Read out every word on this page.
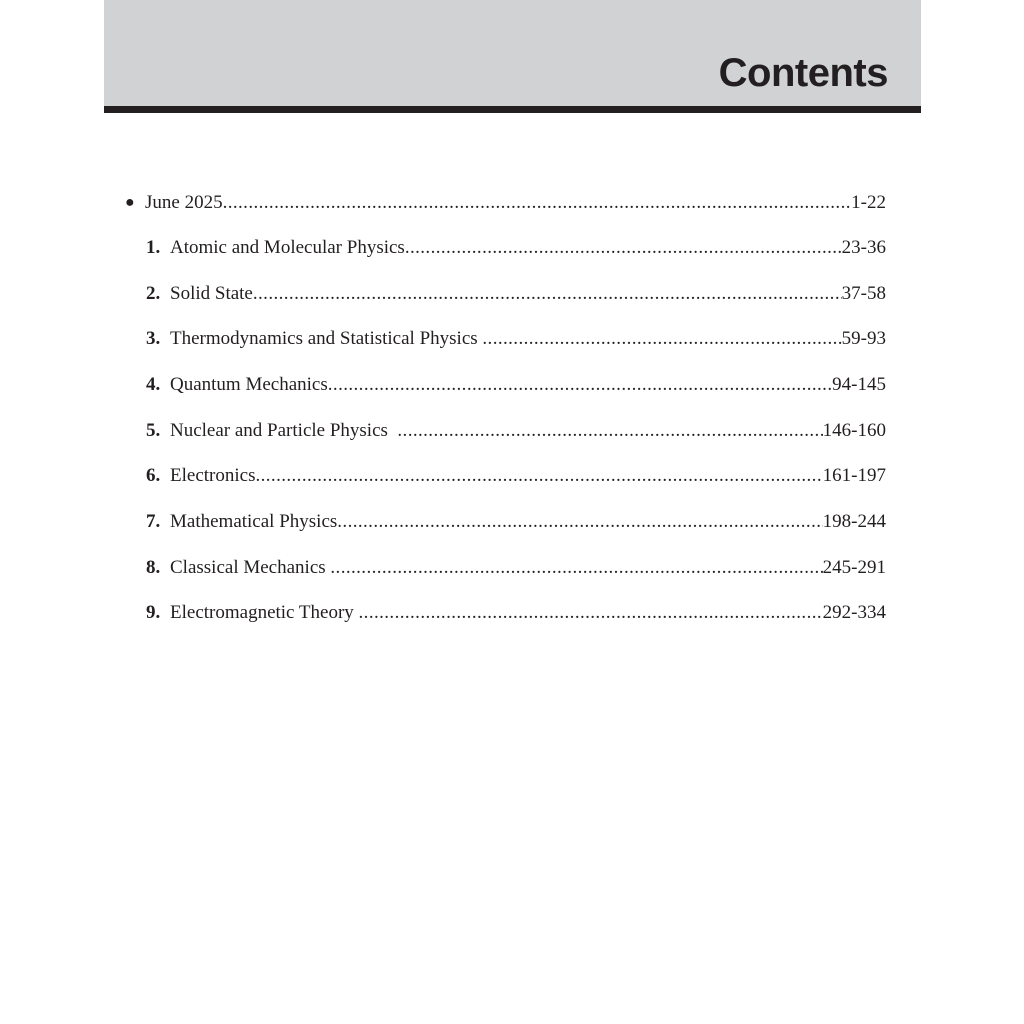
Contents
● June 2025 .....	1-22
1. Atomic and Molecular Physics .....	23-36
2. Solid State .....	37-58
3. Thermodynamics and Statistical Physics .....	59-93
4. Quantum Mechanics .....	94-145
5. Nuclear and Particle Physics .....	146-160
6. Electronics .....	161-197
7. Mathematical Physics .....	198-244
8. Classical Mechanics .....	245-291
9. Electromagnetic Theory .....	292-334
